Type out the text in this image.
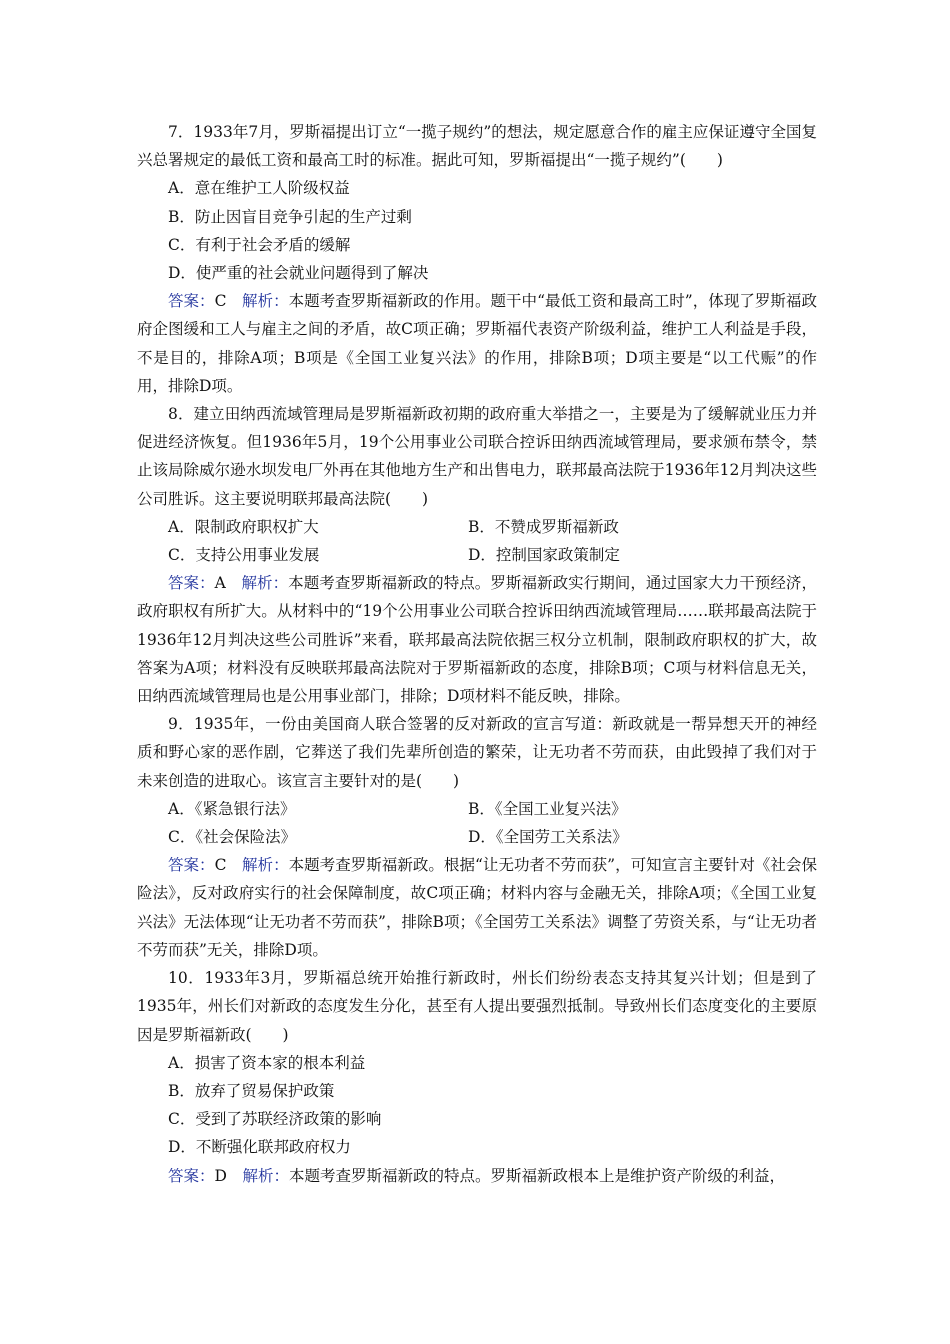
7．1933年7月，罗斯福提出订立“一揽子规约”的想法，规定愿意合作的雇主应保证遵守全国复兴总署规定的最低工资和最高工时的标准。据此可知，罗斯福提出“一揽子规约”(　　)

A．意在维护工人阶级权益

B．防止因盲目竞争引起的生产过剩

C．有利于社会矛盾的缓解

D．使严重的社会就业问题得到了解决

答案：C　 解析：本题考查罗斯福新政的作用。题干中“最低工资和最高工时”，体现了罗斯福政府企图缓和工人与雇主之间的矛盾，故C项正确；罗斯福代表资产阶级利益，维护工人利益是手段，不是目的，排除A项；B项是《全国工业复兴法》的作用，排除B项；D项主要是“以工代赈”的作用，排除D项。

8．建立田纳西流域管理局是罗斯福新政初期的政府重大举措之一，主要是为了缓解就业压力并促进经济恢复。但1936年5月，19个公用事业公司联合控诉田纳西流域管理局，要求颁布禁令，禁止该局除威尔逊水坝发电厂外再在其他地方生产和出售电力，联邦最高法院于1936年12月判决这些公司胜诉。这主要说明联邦最高法院(　　)

A．限制政府职权扩大	B．不赞成罗斯福新政
C．支持公用事业发展	D．控制国家政策制定

答案：A　 解析：本题考查罗斯福新政的特点。罗斯福新政实行期间，通过国家大力干预经济，政府职权有所扩大。从材料中的“19个公用事业公司联合控诉田纳西流域管理局……联邦最高法院于1936年12月判决这些公司胜诉”来看，联邦最高法院依据三权分立机制，限制政府职权的扩大，故答案为A项；材料没有反映联邦最高法院对于罗斯福新政的态度，排除B项；C项与材料信息无关，田纳西流域管理局也是公用事业部门，排除；D项材料不能反映，排除。

9．1935年，一份由美国商人联合签署的反对新政的宣言写道：新政就是一帮异想天开的神经质和野心家的恶作剧，它葬送了我们先辈所创造的繁荣，让无功者不劳而获，由此毁掉了我们对于未来创造的进取心。该宣言主要针对的是(　　)

A．《紧急银行法》	B．《全国工业复兴法》
C．《社会保险法》	D．《全国劳工关系法》

答案：C　 解析：本题考查罗斯福新政。根据“让无功者不劳而获”，可知宣言主要针对《社会保险法》，反对政府实行的社会保障制度，故C项正确；材料内容与金融无关，排除A项；《全国工业复兴法》无法体现“让无功者不劳而获”，排除B项；《全国劳工关系法》调整了劳资关系，与“让无功者不劳而获”无关，排除D项。

10．1933年3月，罗斯福总统开始推行新政时，州长们纷纷表态支持其复兴计划；但是到了1935年，州长们对新政的态度发生分化，甚至有人提出要强烈抵制。导致州长们态度变化的主要原因是罗斯福新政(　　)

A．损害了资本家的根本利益

B．放弃了贸易保护政策

C．受到了苏联经济政策的影响

D．不断强化联邦政府权力

答案：D　 解析：本题考查罗斯福新政的特点。罗斯福新政根本上是维护资产阶级的利益，
